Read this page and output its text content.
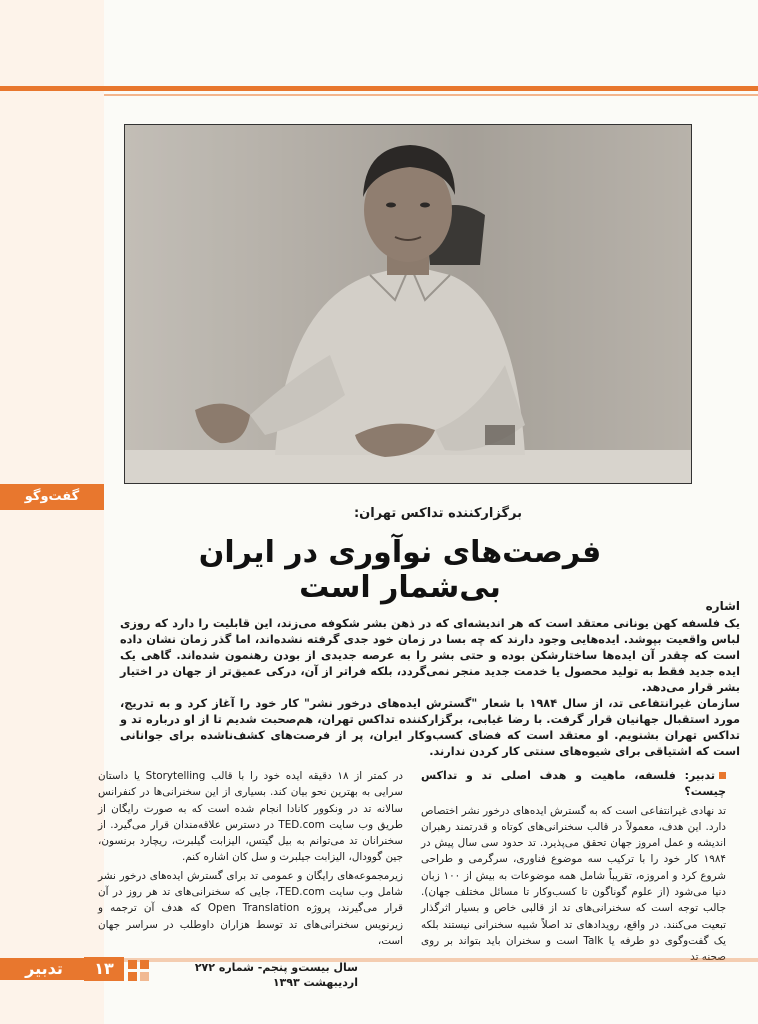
گفت‌وگو
برگزارکننده تداکس تهران:
فرصت‌های نوآوری در ایران بی‌شمار است
اشاره

یک فلسفه کهن یونانی معتقد است که هر اندیشه‌ای که در ذهن بشر شکوفه می‌زند، این قابلیت را دارد که روزی لباس واقعیت بپوشد. ایده‌هایی وجود دارند که چه بسا در زمان خود جدی گرفته نشده‌اند، اما گذر زمان نشان داده است که چقدر آن ایده‌ها ساختارشکن بوده و حتی بشر را به عرصه جدیدی از بودن رهنمون شده‌اند. گاهی یک ایده جدید فقط به تولید محصول یا خدمت جدید منجر نمی‌گردد، بلکه فراتر از آن، درکی عمیق‌تر از جهان در اختیار بشر قرار می‌دهد.

سازمان غیرانتفاعی تد، از سال ۱۹۸۴ با شعار "گسترش ایده‌های درخور نشر" کار خود را آغاز کرد و به تدریج، مورد استقبال جهانیان قرار گرفت. با رضا غیابی، برگزارکننده تداکس تهران، هم‌صحبت شدیم تا از او درباره تد و تداکس تهران بشنویم. او معتقد است که فضای کسب‌وکار ایران، پر از فرصت‌های کشف‌ناشده برای جوانانی است که اشتیاقی برای شیوه‌های سنتی کار کردن ندارند.

تدبیر: فلسفه، ماهیت و هدف اصلی تد و تداکس چیست؟

تد نهادی غیرانتفاعی است که به گسترش ایده‌های درخور نشر اختصاص دارد. این هدف، معمولاً در قالب سخنرانی‌های کوتاه و قدرتمند رهبران اندیشه و عمل امروز جهان تحقق می‌پذیرد. تد حدود سی سال پیش در ۱۹۸۴ کار خود را با ترکیب سه موضوع فناوری، سرگرمی و طراحی شروع کرد و امروزه، تقریباً شامل همه موضوعات به بیش از ۱۰۰ زبان دنیا می‌شود (از علوم گوناگون تا کسب‌وکار تا مسائل مختلف جهان). جالب توجه است که سخنرانی‌های تد از قالبی خاص و بسیار اثرگذار تبعیت می‌کنند. در واقع، رویدادهای تد اصلاً شبیه سخنرانی نیستند بلکه یک گفت‌وگوی دو طرفه یا Talk است و سخنران باید بتواند بر روی صحنه تد

در کمتر از ۱۸ دقیقه ایده خود را با قالب Storytelling یا داستان سرایی به بهترین نحو بیان کند. بسیاری از این سخنرانی‌ها در کنفرانس سالانه تد در ونکوور کانادا انجام شده است که به صورت رایگان از طریق وب سایت TED.com در دسترس علاقه‌مندان قرار می‌گیرد. از سخنرانان تد می‌توانم به بیل گیتس، الیزابت گیلبرت، ریچارد برنسون، جین گوودال، الیزابت جیلبرت و سل کان اشاره کنم.

زیرمجموعه‌های رایگان و عمومی تد برای گسترش ایده‌های درخور نشر شامل وب سایت TED.com، جایی که سخنرانی‌های تد هر روز در آن قرار می‌گیرند، پروژه Open Translation که هدف آن ترجمه و زیرنویس سخنرانی‌های تد توسط هزاران داوطلب در سراسر جهان است،

تدبیر	۱۳	سال بیست‌و پنجم- شماره ۲۷۲
اردیبهشت ۱۳۹۳
